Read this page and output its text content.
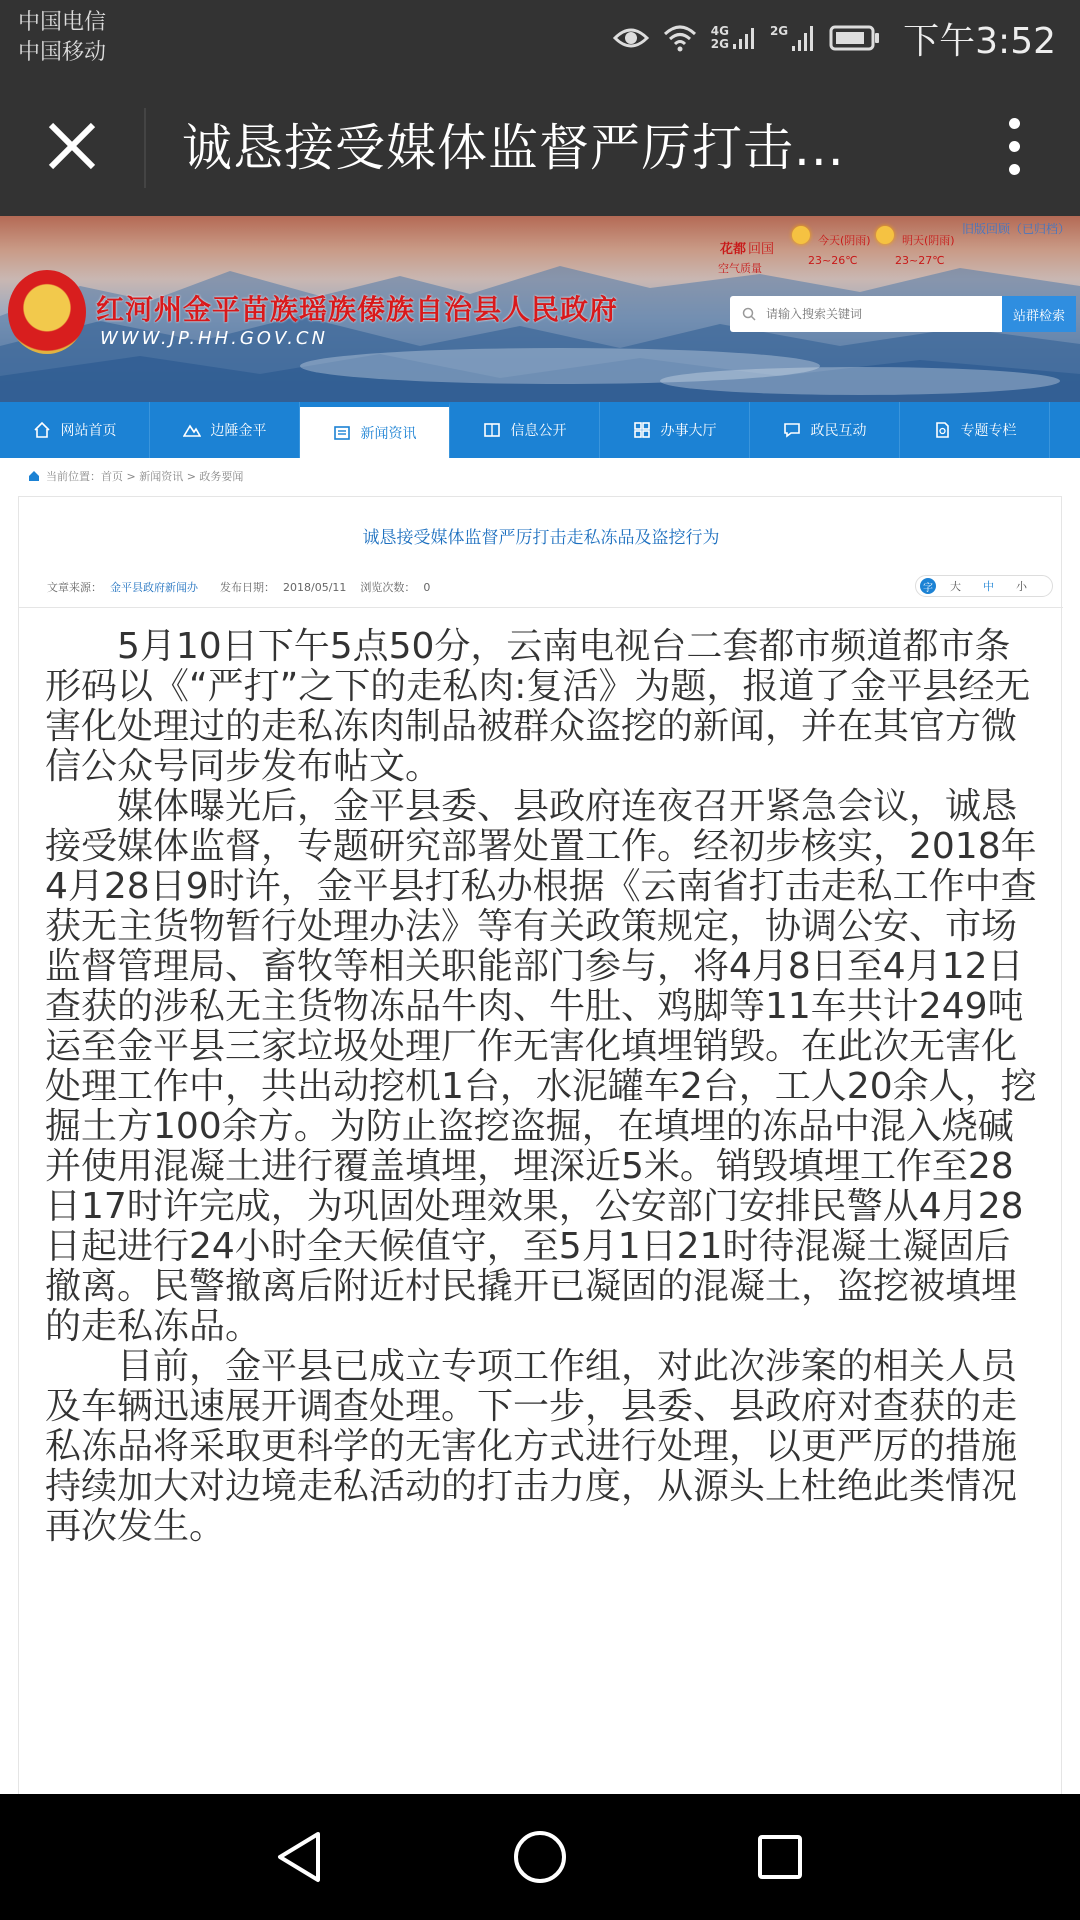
中国电信
中国移动
4G
2G
2G	下午3:52
诚恳接受媒体监督严厉打击...
红河州金平苗族瑶族傣族自治县人民政府
WWW.JP.HH.GOV.CN
花都 回国
空气质量
今天(阴雨)
23~26℃
明天(阴雨)
23~27℃
旧版回顾（已归档）
请输入搜索关键词
站群检索
网站首页	边陲金平	新闻资讯	信息公开	办事大厅	政民互动	专题专栏
当前位置：首页 > 新闻资讯 > 政务要闻
诚恳接受媒体监督严厉打击走私冻品及盗挖行为
文章来源： 金平县政府新闻办 发布日期： 2018/05/11 浏览次数： 0	字 大 中 小

5月10日下午5点50分，云南电视台二套都市频道都市条形码以《“严打”之下的走私肉:复活》为题，报道了金平县经无害化处理过的走私冻肉制品被群众盗挖的新闻，并在其官方微信公众号同步发布帖文。

媒体曝光后，金平县委、县政府连夜召开紧急会议，诚恳接受媒体监督，专题研究部署处置工作。经初步核实，2018年4月28日9时许，金平县打私办根据《云南省打击走私工作中查获无主货物暂行处理办法》等有关政策规定，协调公安、市场监督管理局、畜牧等相关职能部门参与，将4月8日至4月12日查获的涉私无主货物冻品牛肉、牛肚、鸡脚等11车共计249吨运至金平县三家垃圾处理厂作无害化填埋销毁。在此次无害化处理工作中，共出动挖机1台，水泥罐车2台，工人20余人，挖掘土方100余方。为防止盗挖盗掘，在填埋的冻品中混入烧碱并使用混凝土进行覆盖填埋，埋深近5米。销毁填埋工作至28日17时许完成，为巩固处理效果，公安部门安排民警从4月28日起进行24小时全天候值守，至5月1日21时待混凝土凝固后撤离。民警撤离后附近村民撬开已凝固的混凝土，盗挖被填埋的走私冻品。

目前，金平县已成立专项工作组，对此次涉案的相关人员及车辆迅速展开调查处理。下一步，县委、县政府对查获的走私冻品将采取更科学的无害化方式进行处理，以更严厉的措施持续加大对边境走私活动的打击力度，从源头上杜绝此类情况再次发生。
